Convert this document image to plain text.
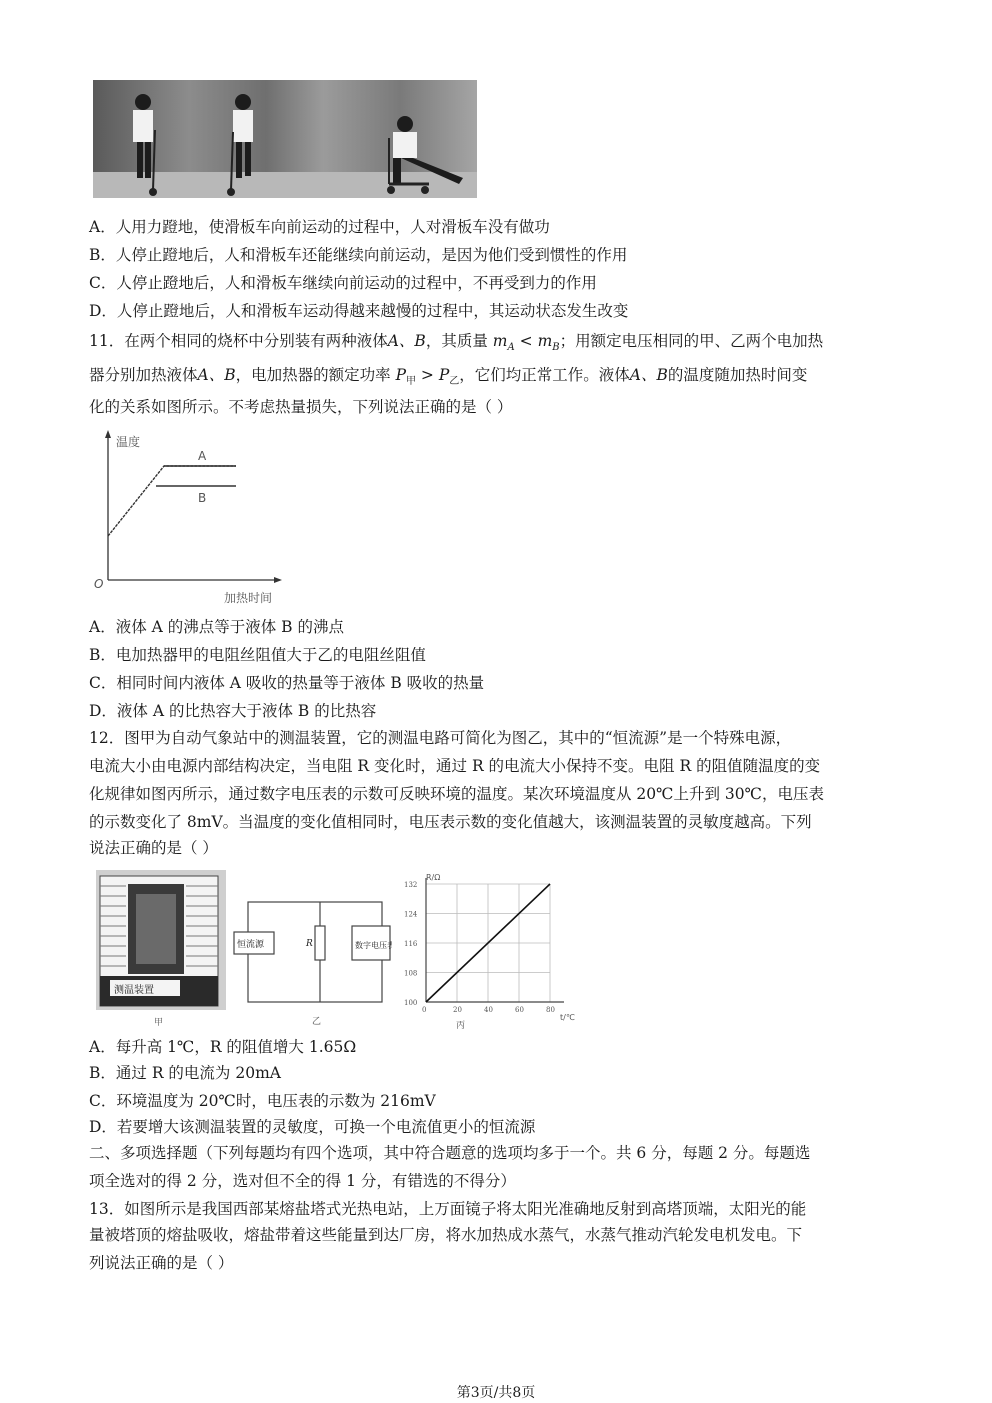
A．人用力蹬地，使滑板车向前运动的过程中，人对滑板车没有做功
B．人停止蹬地后，人和滑板车还能继续向前运动，是因为他们受到惯性的作用
C．人停止蹬地后，人和滑板车继续向前运动的过程中，不再受到力的作用
D．人停止蹬地后，人和滑板车运动得越来越慢的过程中，其运动状态发生改变
11．在两个相同的烧杯中分别装有两种液体A、B，其质量 $m_A < m_B$；用额定电压相同的甲、乙两个电加热
器分别加热液体A、B，电加热器的额定功率 $P_甲 > P_乙$，它们均正常工作。液体A、B的温度随加热时间变
化的关系如图所示。不考虑热量损失，下列说法正确的是（ ）
温度
O
加热时间
A
B
A．液体 A 的沸点等于液体 B 的沸点
B．电加热器甲的电阻丝阻值大于乙的电阻丝阻值
C．相同时间内液体 A 吸收的热量等于液体 B 吸收的热量
D．液体 A 的比热容大于液体 B 的比热容
12．图甲为自动气象站中的测温装置，它的测温电路可简化为图乙，其中的“恒流源”是一个特殊电源，
电流大小由电源内部结构决定，当电阻 R 变化时，通过 R 的电流大小保持不变。电阻 R 的阻值随温度的变
化规律如图丙所示，通过数字电压表的示数可反映环境的温度。某次环境温度从 20℃上升到 30℃，电压表
的示数变化了 8mV。当温度的变化值相同时，电压表示数的变化值越大，该测温装置的灵敏度越高。下列
说法正确的是（ ）
测温装置
甲
恒流源	R	数字电压表
乙
0	20	40	60	80
100
108
116
124
132
R/Ω
t/℃
丙
A．每升高 1℃，R 的阻值增大 1.65Ω
B．通过 R 的电流为 20mA
C．环境温度为 20℃时，电压表的示数为 216mV
D．若要增大该测温装置的灵敏度，可换一个电流值更小的恒流源
二、多项选择题（下列每题均有四个选项，其中符合题意的选项均多于一个。共 6 分，每题 2 分。每题选
项全选对的得 2 分，选对但不全的得 1 分，有错选的不得分）
13．如图所示是我国西部某熔盐塔式光热电站，上万面镜子将太阳光准确地反射到高塔顶端，太阳光的能
量被塔顶的熔盐吸收，熔盐带着这些能量到达厂房，将水加热成水蒸气，水蒸气推动汽轮发电机发电。下
列说法正确的是（ ）
第3页/共8页
